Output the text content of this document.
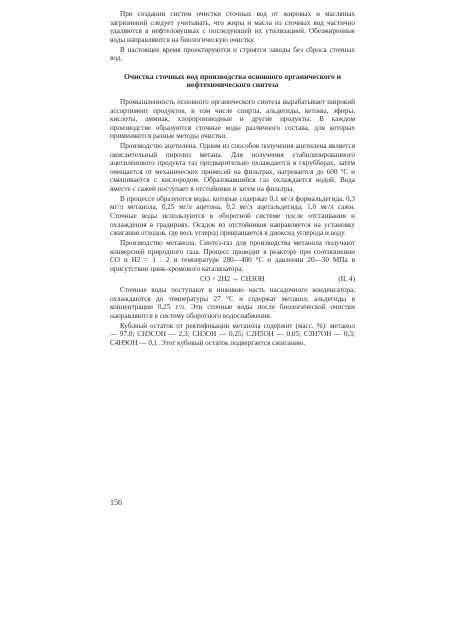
При создании систем очистки сточных вод от жировых и масляных загрязнений следует учитывать, что жиры и масла из сточных вод частично удаляются в нефтеловушках с последующей их утилизацией. Обезжиренные воды направляются на биологическую очистку.

В настоящее время проектируются и строятся заводы без сброса сточных вод.

Очистка сточных вод производства основного органического и нефтехимического синтеза

Промышленность основного органического синтеза вырабатывает широкий ассортимент продуктов, в том числе спирты, альдегиды, кетоны, эфиры, кислоты, аммиак, хлорпроизводные и другие продукты. В каждом производстве образуются сточные воды различного состава, для которых применяются разные методы очистки.

Производство ацетилена. Одним из способов получения ацетилена является окислительный пиролиз метана. Для получения стабилизированного ацетиленового продукта газ предварительно охлаждается в скрубберах, затем очищается от механических примесей на фильтрах, нагревается до 600 °С и смешивается с кислородом. Образовавшийся газ охлаждается водой. Вода вместе с сажей поступает в отстойники и затем на фильтры.

В процессе образуются воды, которые содержат 0,1 мг/л формальдегида, 0,3 мг/л метанола, 0,25 мг/л ацетона, 0,2 мг/л ацетальдегида, 1,0 мг/л сажи. Сточные воды используются в оборотной системе после отстаивания и охлаждения в градирнях. Осадок из отстойников направляется на установку сжигания отходов, где весь углерод превращается в диоксид углерода и воду.

Производство метанола. Синтез-газ для производства метанола получают конверсией природного газа. Процесс проводят в реакторе при соотношении СО и Н2 = 1 : 2 и температуре 280—400 °С и давлении 20—30 МПа в присутствии цинк-хромового катализатора:

CO + 2H2 → CH3OH	(II. 4)

Сточные воды поступают в нижнюю часть насадочного конденсатора, охлаждаются до температуры 27 °С и содержат метанол, альдегиды в концентрации 0,25 г/л. Эти сточные воды после биологической очистки направляются в систему оборотного водоснабжения.

Кубовый остаток от ректификации метанола содержит (масс. %): метанол — 97,0; СН3СОН — 2,3; СН3ОН — 0,25; С2Н5ОН — 0,05; С3Н7ОН — 0,3; С4Н9ОН — 0,1. Этот кубовый остаток подвергается сжиганию.

156
